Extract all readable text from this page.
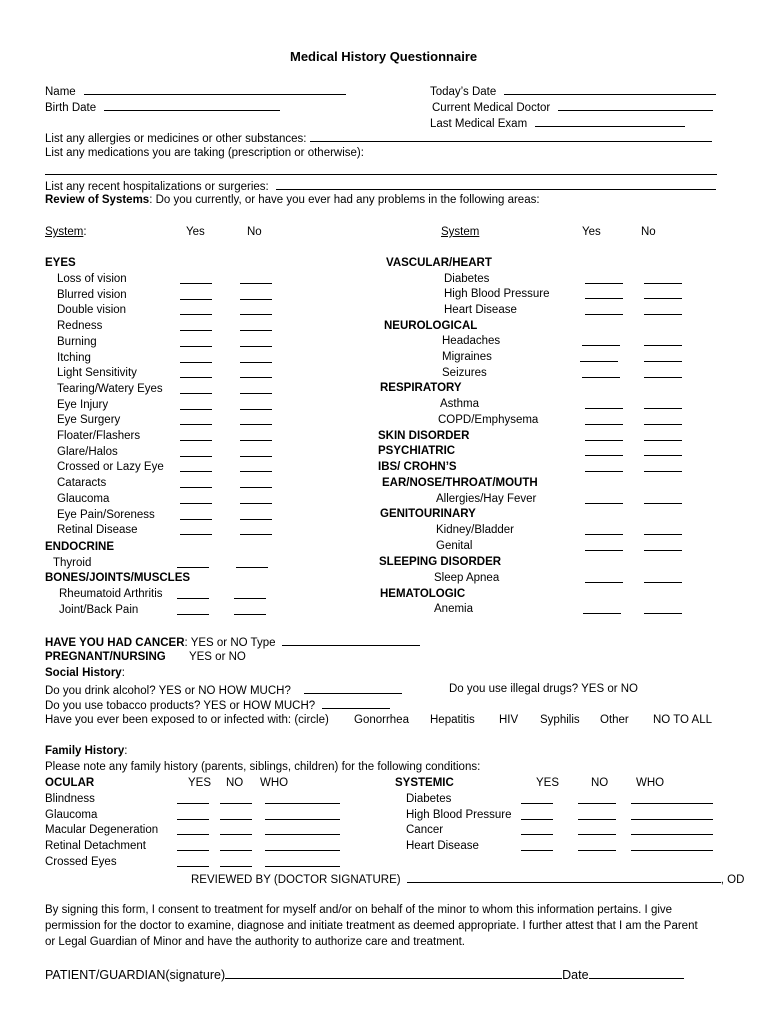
Medical History Questionnaire
Name
Birth Date
Today’s Date
Current Medical Doctor
Last Medical Exam
List any allergies or medicines or other substances:
List any medications you are taking (prescription or otherwise):
List any recent hospitalizations or surgeries:
Review of Systems: Do you currently, or have you ever had any problems in the following areas:
System:	Yes	No	System	Yes	No
EYES
Loss of vision
Blurred vision
Double vision
Redness
Burning
Itching
Light Sensitivity
Tearing/Watery Eyes
Eye Injury
Eye Surgery
Floater/Flashers
Glare/Halos
Crossed or Lazy Eye
Cataracts
Glaucoma
Eye Pain/Soreness
Retinal Disease
ENDOCRINE
Thyroid
BONES/JOINTS/MUSCLES
Rheumatoid Arthritis
Joint/Back Pain
VASCULAR/HEART
Diabetes
High Blood Pressure
Heart Disease
NEUROLOGICAL
Headaches
Migraines
Seizures
RESPIRATORY
Asthma
COPD/Emphysema
SKIN DISORDER
PSYCHIATRIC
IBS/ CROHN’S
EAR/NOSE/THROAT/MOUTH
Allergies/Hay Fever
GENITOURINARY
Kidney/Bladder
Genital
SLEEPING DISORDER
Sleep Apnea
HEMATOLOGIC
Anemia
HAVE YOU HAD CANCER: YES or NO Type
PREGNANT/NURSING YES or NO
Social History:
Do you drink alcohol? YES or NO HOW MUCH?	Do you use illegal drugs? YES or NO
Do you use tobacco products? YES or HOW MUCH?
Have you ever been exposed to or infected with: (circle) Gonorrhea Hepatitis HIV Syphilis Other NO TO ALL
Family History:
Please note any family history (parents, siblings, children) for the following conditions:
OCULAR	YES NO WHO	SYSTEMIC	YES	NO WHO
Blindness
Glaucoma
Macular Degeneration
Retinal Detachment
Crossed Eyes
Diabetes
High Blood Pressure
Cancer
Heart Disease
REVIEWED BY (DOCTOR SIGNATURE)	, OD
By signing this form, I consent to treatment for myself and/or on behalf of the minor to whom this information pertains. I give
permission for the doctor to examine, diagnose and initiate treatment as deemed appropriate. I further attest that I am the Parent
or Legal Guardian of Minor and have the authority to authorize care and treatment.
PATIENT/GUARDIAN(signature)	Date
